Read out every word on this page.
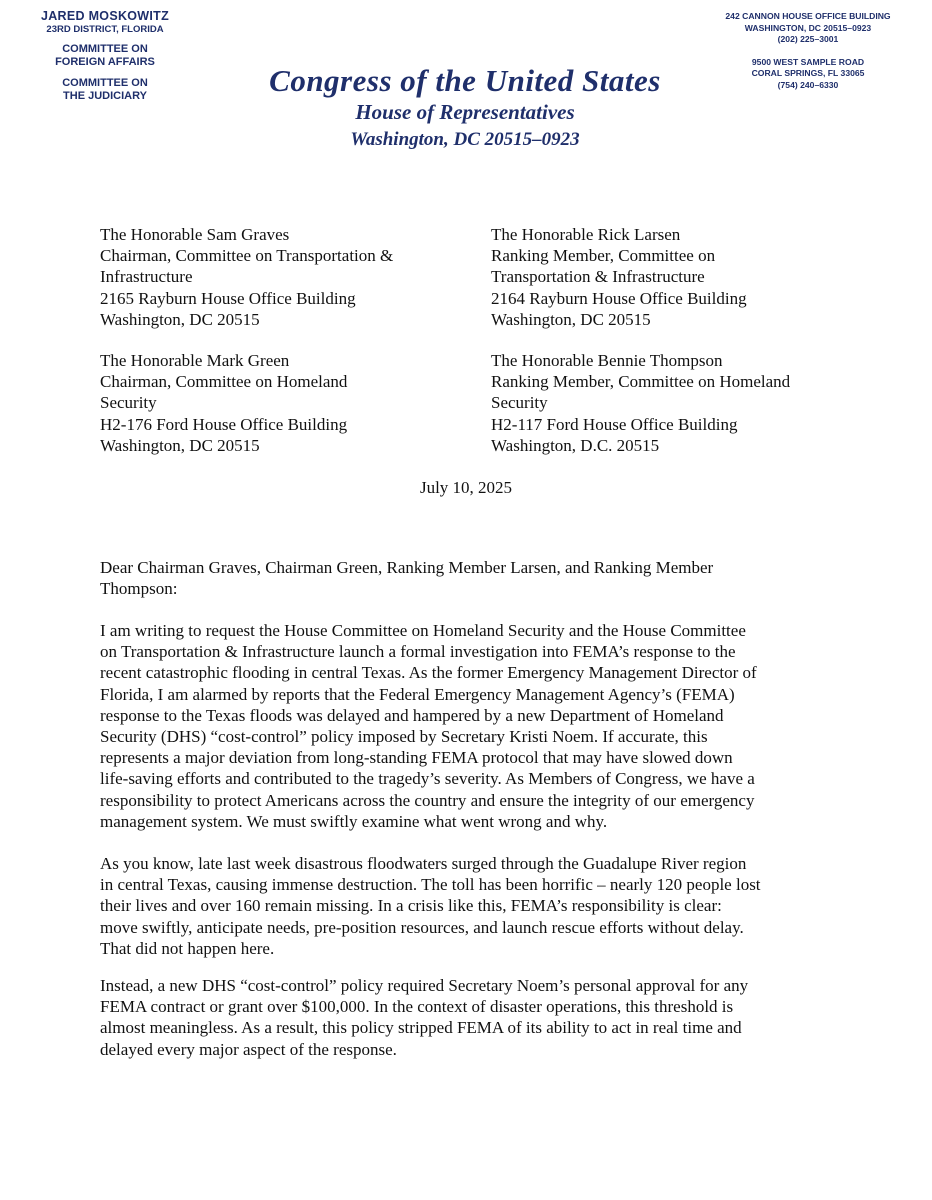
JARED MOSKOWITZ
23RD DISTRICT, FLORIDA
COMMITTEE ON
FOREIGN AFFAIRS
COMMITTEE ON
THE JUDICIARY
242 CANNON HOUSE OFFICE BUILDING
WASHINGTON, DC 20515–0923
(202) 225–3001
9500 WEST SAMPLE ROAD
CORAL SPRINGS, FL 33065
(754) 240–6330
Congress of the United States
House of Representatives
Washington, DC 20515–0923
The Honorable Sam Graves
Chairman, Committee on Transportation &
Infrastructure
2165 Rayburn House Office Building
Washington, DC 20515
The Honorable Rick Larsen
Ranking Member, Committee on
Transportation & Infrastructure
2164 Rayburn House Office Building
Washington, DC 20515
The Honorable Mark Green
Chairman, Committee on Homeland
Security
H2-176 Ford House Office Building
Washington, DC 20515
The Honorable Bennie Thompson
Ranking Member, Committee on Homeland
Security
H2-117 Ford House Office Building
Washington, D.C. 20515
July 10, 2025
Dear Chairman Graves, Chairman Green, Ranking Member Larsen, and Ranking Member
Thompson:
I am writing to request the House Committee on Homeland Security and the House Committee
on Transportation & Infrastructure launch a formal investigation into FEMA’s response to the
recent catastrophic flooding in central Texas. As the former Emergency Management Director of
Florida, I am alarmed by reports that the Federal Emergency Management Agency’s (FEMA)
response to the Texas floods was delayed and hampered by a new Department of Homeland
Security (DHS) “cost-control” policy imposed by Secretary Kristi Noem. If accurate, this
represents a major deviation from long-standing FEMA protocol that may have slowed down
life-saving efforts and contributed to the tragedy’s severity. As Members of Congress, we have a
responsibility to protect Americans across the country and ensure the integrity of our emergency
management system. We must swiftly examine what went wrong and why.
As you know, late last week disastrous floodwaters surged through the Guadalupe River region
in central Texas, causing immense destruction. The toll has been horrific – nearly 120 people lost
their lives and over 160 remain missing. In a crisis like this, FEMA’s responsibility is clear:
move swiftly, anticipate needs, pre-position resources, and launch rescue efforts without delay.
That did not happen here.
Instead, a new DHS “cost-control” policy required Secretary Noem’s personal approval for any
FEMA contract or grant over $100,000. In the context of disaster operations, this threshold is
almost meaningless. As a result, this policy stripped FEMA of its ability to act in real time and
delayed every major aspect of the response.
